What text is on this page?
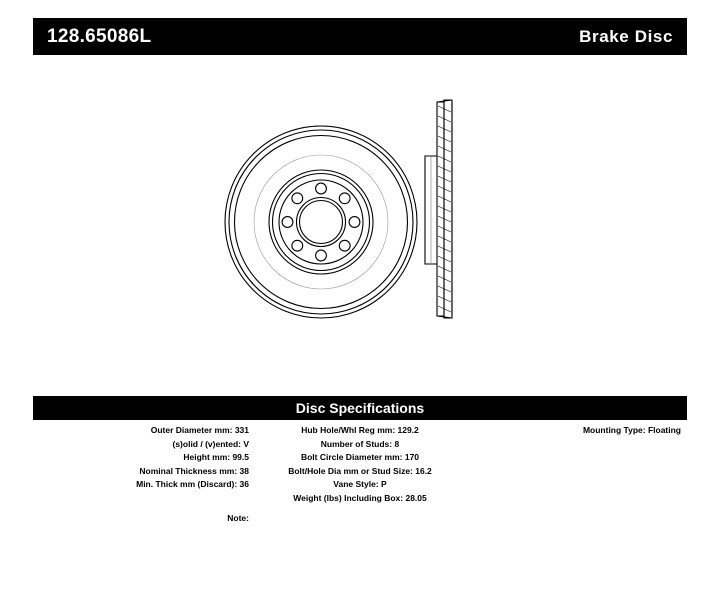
128.65086L	Brake Disc
Disc Specifications
Outer Diameter mm: 331
(s)olid / (v)ented: V
Height mm: 99.5
Nominal Thickness mm: 38
Min. Thick mm (Discard): 36
Hub Hole/Whl Reg mm: 129.2
Number of Studs: 8
Bolt Circle Diameter mm: 170
Bolt/Hole Dia mm or Stud Size: 16.2
Vane Style: P
Weight (lbs) Including Box: 28.05
Mounting Type: Floating
Note:
